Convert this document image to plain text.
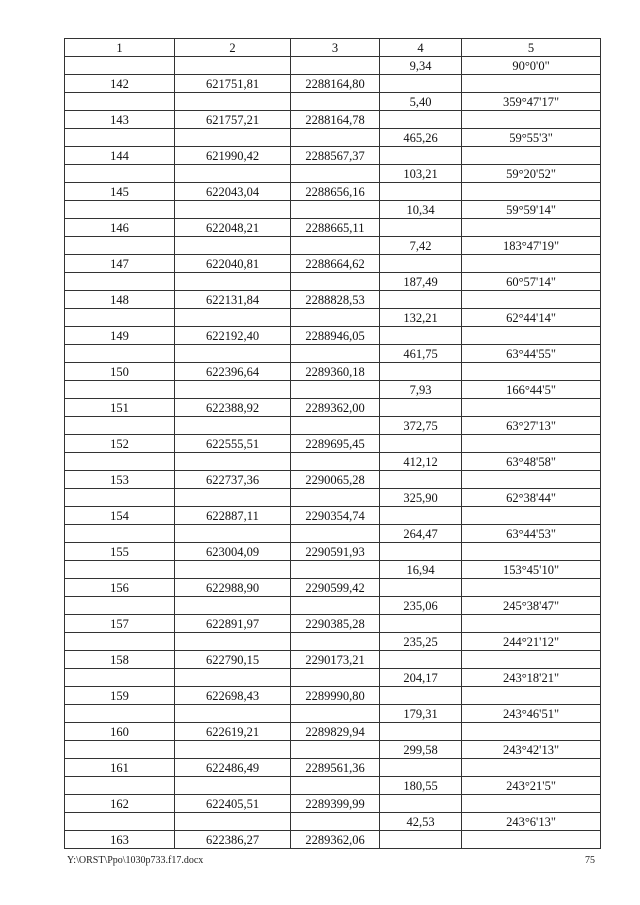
1	2	3	4	5
			9,34	90°0'0"
142	621751,81	2288164,80		
			5,40	359°47'17"
143	621757,21	2288164,78		
			465,26	59°55'3"
144	621990,42	2288567,37		
			103,21	59°20'52"
145	622043,04	2288656,16		
			10,34	59°59'14"
146	622048,21	2288665,11		
			7,42	183°47'19"
147	622040,81	2288664,62		
			187,49	60°57'14"
148	622131,84	2288828,53		
			132,21	62°44'14"
149	622192,40	2288946,05		
			461,75	63°44'55"
150	622396,64	2289360,18		
			7,93	166°44'5"
151	622388,92	2289362,00		
			372,75	63°27'13"
152	622555,51	2289695,45		
			412,12	63°48'58"
153	622737,36	2290065,28		
			325,90	62°38'44"
154	622887,11	2290354,74		
			264,47	63°44'53"
155	623004,09	2290591,93		
			16,94	153°45'10"
156	622988,90	2290599,42		
			235,06	245°38'47"
157	622891,97	2290385,28		
			235,25	244°21'12"
158	622790,15	2290173,21		
			204,17	243°18'21"
159	622698,43	2289990,80		
			179,31	243°46'51"
160	622619,21	2289829,94		
			299,58	243°42'13"
161	622486,49	2289561,36		
			180,55	243°21'5"
162	622405,51	2289399,99		
			42,53	243°6'13"
163	622386,27	2289362,06		
Y:\ORST\Ppo\1030p733.f17.docx	75
